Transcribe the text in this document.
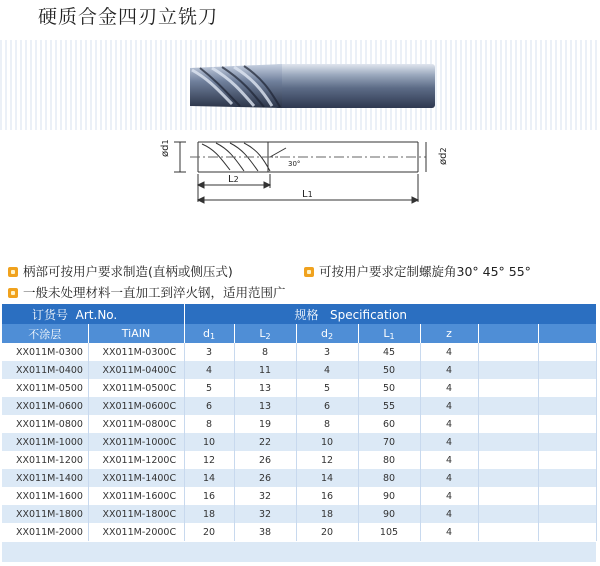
硬质合金四刃立铣刀
ød1
ød2
L2
L1
30°
柄部可按用户要求制造(直柄或侧压式)	可按用户要求定制螺旋角30° 45° 55°
一般未处理材料一直加工到淬火钢，适用范围广
订货号 Art.No.		规格 Specification						
不涂层	TiAIN	$d_1$	$L_2$	$d_2$	$L_1$	z		
XX011M-0300	XX011M-0300C	3	8	3	45	4		
XX011M-0400	XX011M-0400C	4	11	4	50	4		
XX011M-0500	XX011M-0500C	5	13	5	50	4		
XX011M-0600	XX011M-0600C	6	13	6	55	4		
XX011M-0800	XX011M-0800C	8	19	8	60	4		
XX011M-1000	XX011M-1000C	10	22	10	70	4		
XX011M-1200	XX011M-1200C	12	26	12	80	4		
XX011M-1400	XX011M-1400C	14	26	14	80	4		
XX011M-1600	XX011M-1600C	16	32	16	90	4		
XX011M-1800	XX011M-1800C	18	32	18	90	4		
XX011M-2000	XX011M-2000C	20	38	20	105	4		
